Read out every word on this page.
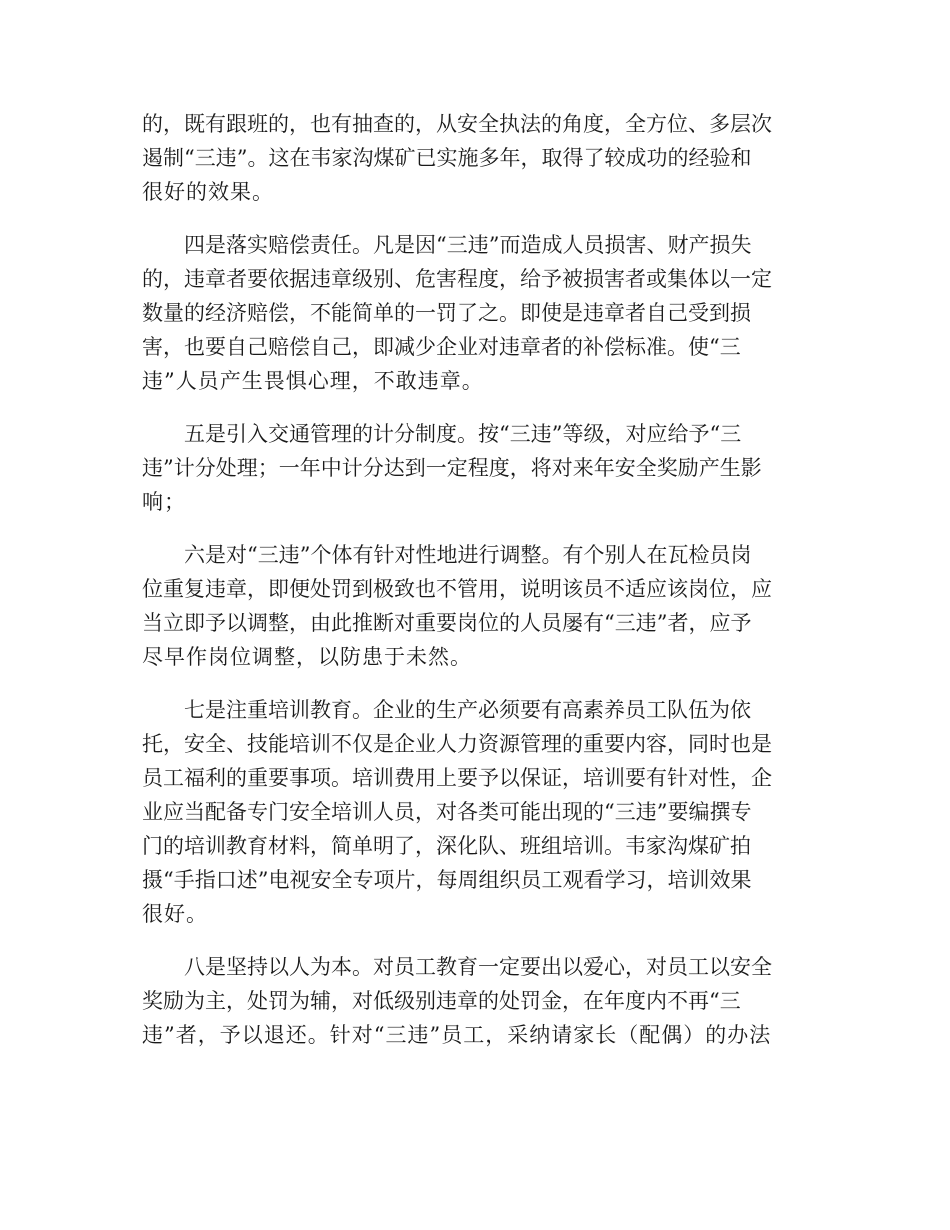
的，既有跟班的，也有抽查的，从安全执法的角度，全方位、多层次
遏制“三违”。这在韦家沟煤矿已实施多年，取得了较成功的经验和
很好的效果。
　　四是落实赔偿责任。凡是因“三违”而造成人员损害、财产损失
的，违章者要依据违章级别、危害程度，给予被损害者或集体以一定
数量的经济赔偿，不能简单的一罚了之。即使是违章者自己受到损
害，也要自己赔偿自己，即减少企业对违章者的补偿标准。使“三
违”人员产生畏惧心理，不敢违章。
　　五是引入交通管理的计分制度。按“三违”等级，对应给予“三
违”计分处理；一年中计分达到一定程度，将对来年安全奖励产生影
响；
　　六是对“三违”个体有针对性地进行调整。有个别人在瓦检员岗
位重复违章，即便处罚到极致也不管用，说明该员不适应该岗位，应
当立即予以调整，由此推断对重要岗位的人员屡有“三违”者，应予
尽早作岗位调整，以防患于未然。
　　七是注重培训教育。企业的生产必须要有高素养员工队伍为依
托，安全、技能培训不仅是企业人力资源管理的重要内容，同时也是
员工福利的重要事项。培训费用上要予以保证，培训要有针对性，企
业应当配备专门安全培训人员，对各类可能出现的“三违”要编撰专
门的培训教育材料，简单明了，深化队、班组培训。韦家沟煤矿拍
摄“手指口述”电视安全专项片，每周组织员工观看学习，培训效果
很好。
　　八是坚持以人为本。对员工教育一定要出以爱心，对员工以安全
奖励为主，处罚为辅，对低级别违章的处罚金，在年度内不再“三
违”者，予以退还。针对“三违”员工，采纳请家长（配偶）的办法
